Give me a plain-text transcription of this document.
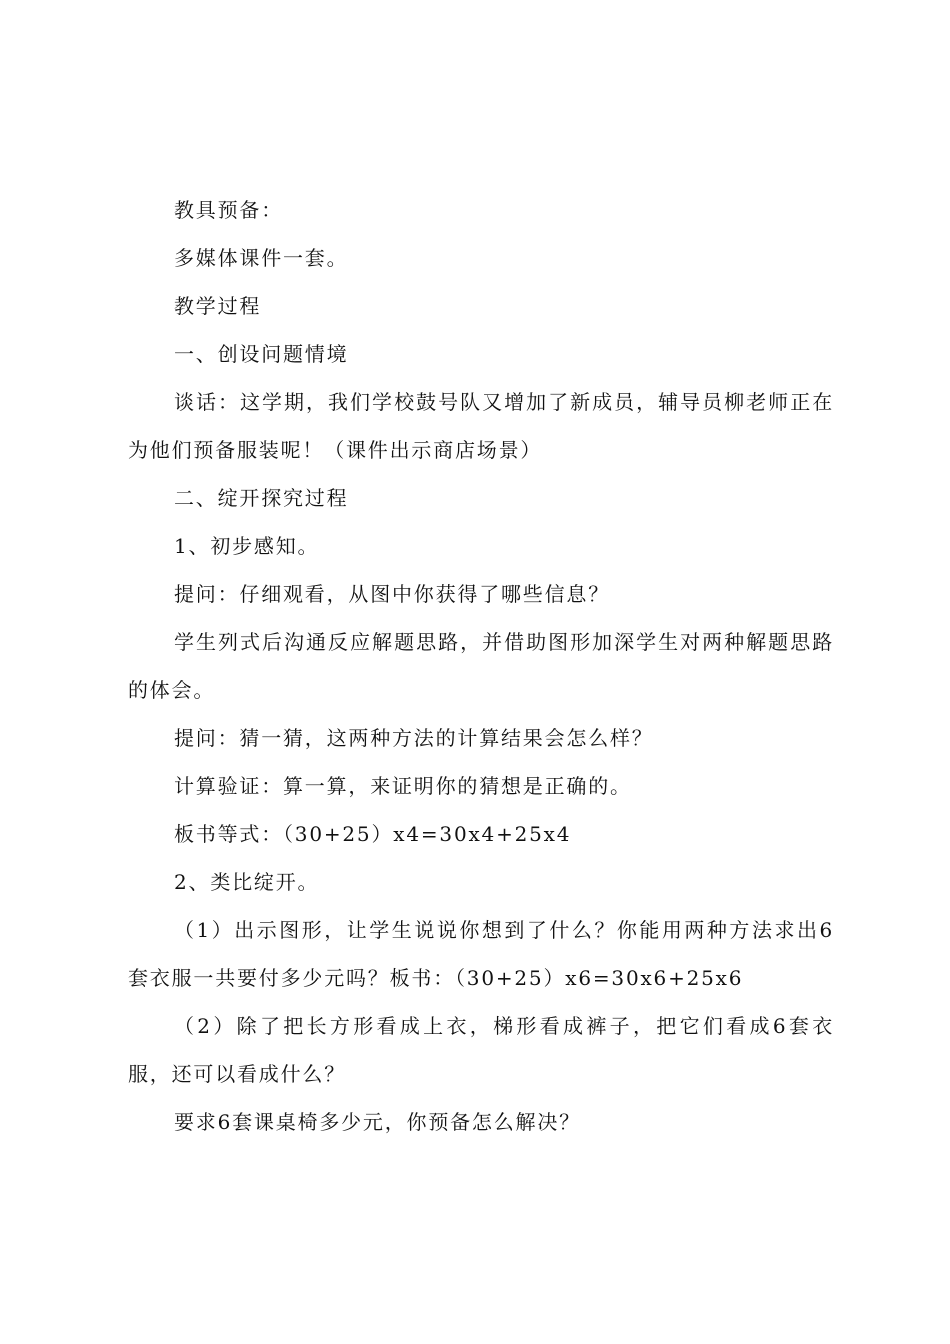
教具预备：

多媒体课件一套。

教学过程

一、创设问题情境

谈话：这学期，我们学校鼓号队又增加了新成员，辅导员柳老师正在为他们预备服装呢！（课件出示商店场景）

二、绽开探究过程

1、初步感知。

提问：仔细观看，从图中你获得了哪些信息？

学生列式后沟通反应解题思路，并借助图形加深学生对两种解题思路的体会。

提问：猜一猜，这两种方法的计算结果会怎么样？

计算验证：算一算，来证明你的猜想是正确的。

板书等式：（30+25）x4=30x4+25x4

2、类比绽开。

（1）出示图形，让学生说说你想到了什么？你能用两种方法求出6套衣服一共要付多少元吗？板书：（30+25）x6=30x6+25x6

（2）除了把长方形看成上衣，梯形看成裤子，把它们看成6套衣服，还可以看成什么？

要求6套课桌椅多少元，你预备怎么解决？
